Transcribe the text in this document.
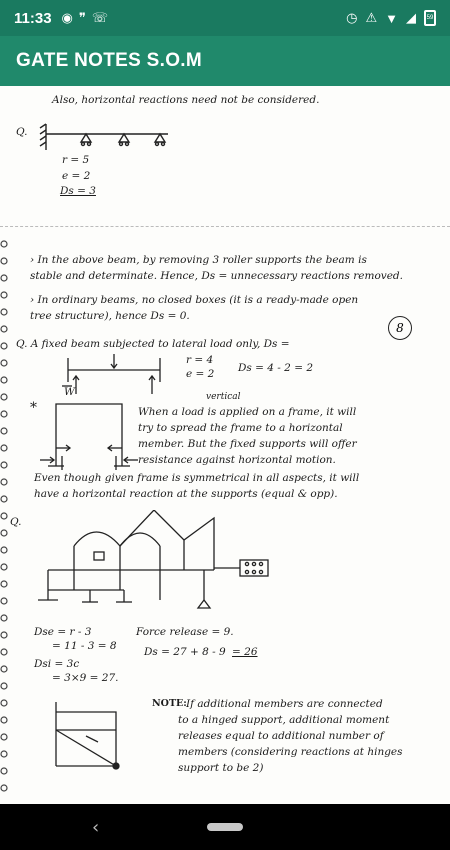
11:33 ◉ ❞ ☏	◷ ⚠ ▼ ◢	59
GATE NOTES S.O.M
Also, horizontal reactions need not be considered.
Q.
r = 5
e = 2
Ds = 3
› In the above beam, by removing 3 roller supports the beam is
stable and determinate. Hence, Ds = unnecessary reactions removed.
› In ordinary beams, no closed boxes (it is a ready-made open
tree structure), hence Ds = 0.
8
Q. A fixed beam subjected to lateral load only, Ds =
W
r = 4
e = 2 Ds = 4 - 2 = 2
*
vertical
When a load is applied on a frame, it will
try to spread the frame to a horizontal
member. But the fixed supports will offer
resistance against horizontal motion.
Even though given frame is symmetrical in all aspects, it will
have a horizontal reaction at the supports (equal & opp).
Q.
Dse = r - 3
= 11 - 3 = 8
Dsi = 3c
= 3×9 = 27.
Force release = 9.
Ds = 27 + 8 - 9 = 26
NOTE: If additional members are connected
to a hinged support, additional moment
releases equal to additional number of
members (considering reactions at hinges
support to be 2)
‹
